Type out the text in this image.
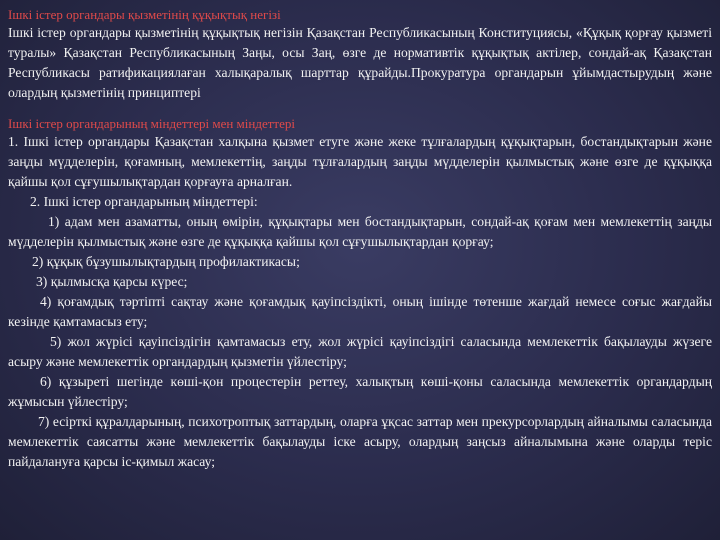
Ішкі істер органдары қызметінің құқықтық негізі

Ішкі істер органдары қызметінің құқықтық негізін Қазақстан Республикасының Конституциясы, «Құқық қорғау қызметі туралы» Қазақстан Республикасының Заңы, осы Заң, өзге де нормативтік құқықтық актілер, сондай-ақ Қазақстан Республикасы ратификациялаған халықаралық шарттар құрайды.Прокуратура органдарын ұйымдастырудың және олардың қызметінің принциптері

Ішкі істер органдарының міндеттері мен міндеттері

1. Ішкі істер органдары Қазақстан халқына қызмет етуге және жеке тұлғалардың құқықтарын, бостандықтарын және заңды мүдделерін, қоғамның, мемлекеттің, заңды тұлғалардың заңды мүдделерін қылмыстық және өзге де құқыққа қайшы қол сұғушылықтардан қорғауға арналған.

2. Ішкі істер органдарының міндеттері:

1) адам мен азаматты, оның өмірін, құқықтары мен бостандықтарын, сондай-ақ қоғам мен мемлекеттің заңды мүдделерін қылмыстық және өзге де құқыққа қайшы қол сұғушылықтардан қорғау;

2) құқық бұзушылықтардың профилактикасы;

3) қылмысқа қарсы күрес;

4) қоғамдық тәртіпті сақтау және қоғамдық қауіпсіздікті, оның ішінде төтенше жағдай немесе соғыс жағдайы кезінде қамтамасыз ету;

5) жол жүрісі қауіпсіздігін қамтамасыз ету, жол жүрісі қауіпсіздігі саласында мемлекеттік бақылауды жүзеге асыру және мемлекеттік органдардың қызметін үйлестіру;

6) құзыреті шегінде көші-қон процестерін реттеу, халықтың көші-қоны саласында мемлекеттік органдардың жұмысын үйлестіру;

7) есірткі құралдарының, психотроптық заттардың, оларға ұқсас заттар мен прекурсорлардың айналымы саласында мемлекеттік саясатты және мемлекеттік бақылауды іске асыру, олардың заңсыз айналымына және оларды теріс пайдалануға қарсы іс-қимыл жасау;
